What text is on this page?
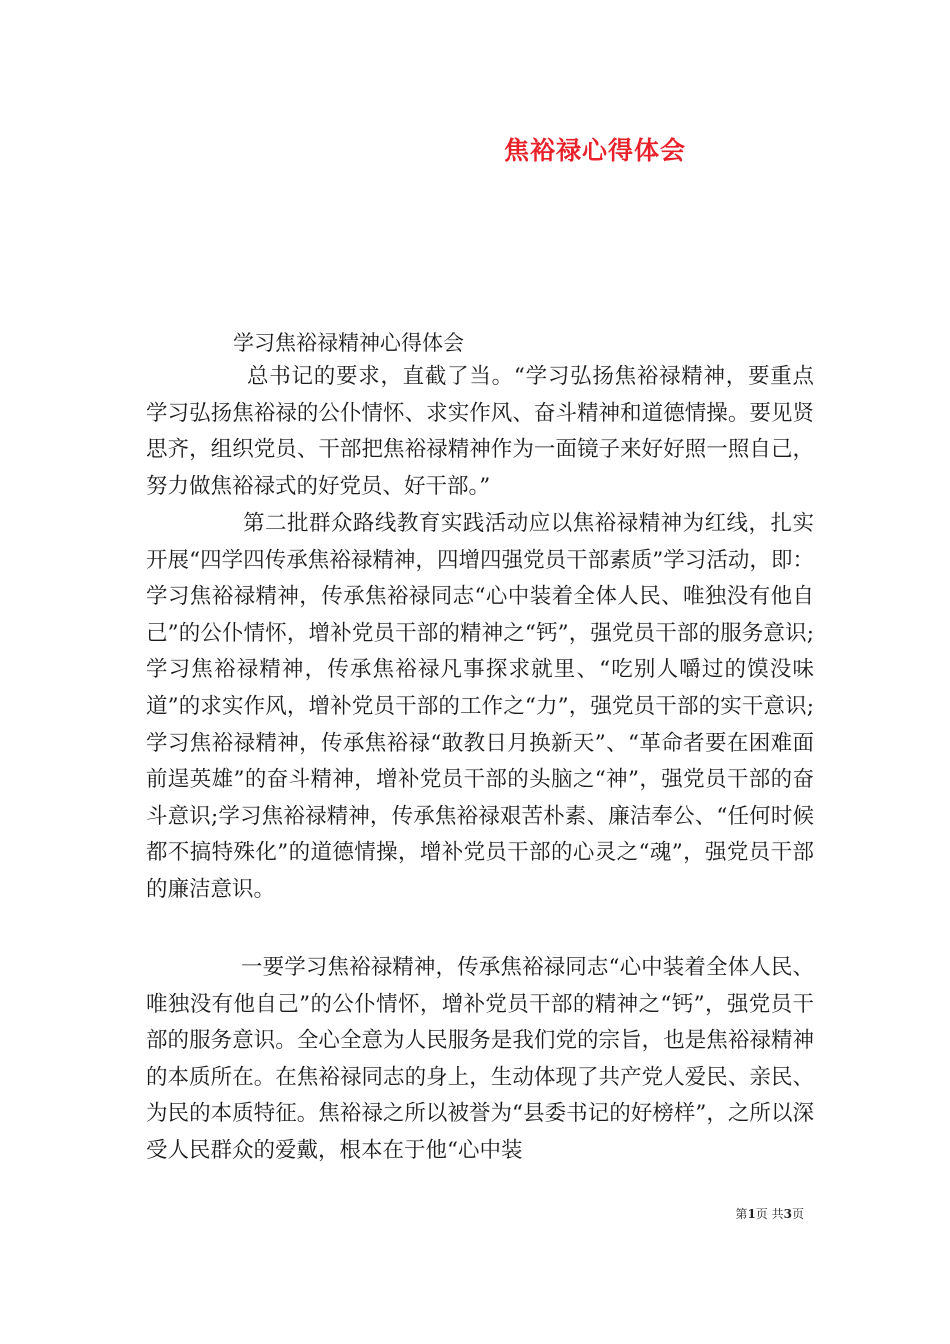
焦裕禄心得体会
学习焦裕禄精神心得体会

总书记的要求，直截了当。“学习弘扬焦裕禄精神，要重点学习弘扬焦裕禄的公仆情怀、求实作风、奋斗精神和道德情操。要见贤思齐，组织党员、干部把焦裕禄精神作为一面镜子来好好照一照自己，努力做焦裕禄式的好党员、好干部。”

第二批群众路线教育实践活动应以焦裕禄精神为红线，扎实开展“四学四传承焦裕禄精神，四增四强党员干部素质”学习活动，即：学习焦裕禄精神，传承焦裕禄同志“心中装着全体人民、唯独没有他自己”的公仆情怀，增补党员干部的精神之“钙”，强党员干部的服务意识;学习焦裕禄精神，传承焦裕禄凡事探求就里、“吃别人嚼过的馍没味道”的求实作风，增补党员干部的工作之“力”，强党员干部的实干意识;学习焦裕禄精神，传承焦裕禄“敢教日月换新天”、“革命者要在困难面前逞英雄”的奋斗精神，增补党员干部的头脑之“神”，强党员干部的奋斗意识;学习焦裕禄精神，传承焦裕禄艰苦朴素、廉洁奉公、“任何时候都不搞特殊化”的道德情操，增补党员干部的心灵之“魂”，强党员干部的廉洁意识。

一要学习焦裕禄精神，传承焦裕禄同志“心中装着全体人民、唯独没有他自己”的公仆情怀，增补党员干部的精神之“钙”，强党员干部的服务意识。全心全意为人民服务是我们党的宗旨，也是焦裕禄精神的本质所在。在焦裕禄同志的身上，生动体现了共产党人爱民、亲民、为民的本质特征。焦裕禄之所以被誉为“县委书记的好榜样”，之所以深受人民群众的爱戴，根本在于他“心中装

第1页 共3页
